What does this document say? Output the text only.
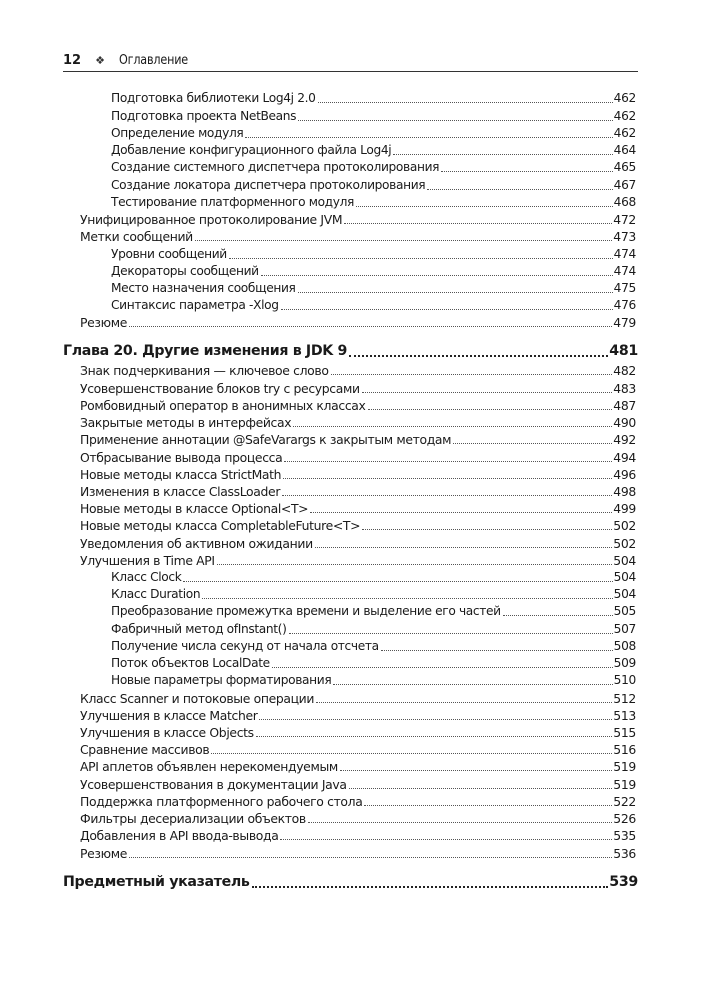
12 ❖ Оглавление
Подготовка библиотеки Log4j 2.0	462
Подготовка проекта NetBeans	462
Определение модуля	462
Добавление конфигурационного файла Log4j	464
Создание системного диспетчера протоколирования	465
Создание локатора диспетчера протоколирования	467
Тестирование платформенного модуля	468
Унифицированное протоколирование JVM	472
Метки сообщений	473
Уровни сообщений	474
Декораторы сообщений	474
Место назначения сообщения	475
Синтаксис параметра -Xlog	476
Резюме	479
Глава 20. Другие изменения в JDK 9	481
Знак подчеркивания — ключевое слово	482
Усовершенствование блоков try с ресурсами	483
Ромбовидный оператор в анонимных классах	487
Закрытые методы в интерфейсах	490
Применение аннотации @SafeVarargs к закрытым методам	492
Отбрасывание вывода процесса	494
Новые методы класса StrictMath	496
Изменения в классе ClassLoader	498
Новые методы в классе Optional<T>	499
Новые методы класса CompletableFuture<T>	502
Уведомления об активном ожидании	502
Улучшения в Time API	504
Класс Clock	504
Класс Duration	504
Преобразование промежутка времени и выделение его частей	505
Фабричный метод ofInstant()	507
Получение числа секунд от начала отсчета	508
Поток объектов LocalDate	509
Новые параметры форматирования	510
Класс Scanner и потоковые операции	512
Улучшения в классе Matcher	513
Улучшения в классе Objects	515
Сравнение массивов	516
API аплетов объявлен нерекомендуемым	519
Усовершенствования в документации Java	519
Поддержка платформенного рабочего стола	522
Фильтры десериализации объектов	526
Добавления в API ввода-вывода	535
Резюме	536
Предметный указатель	539
